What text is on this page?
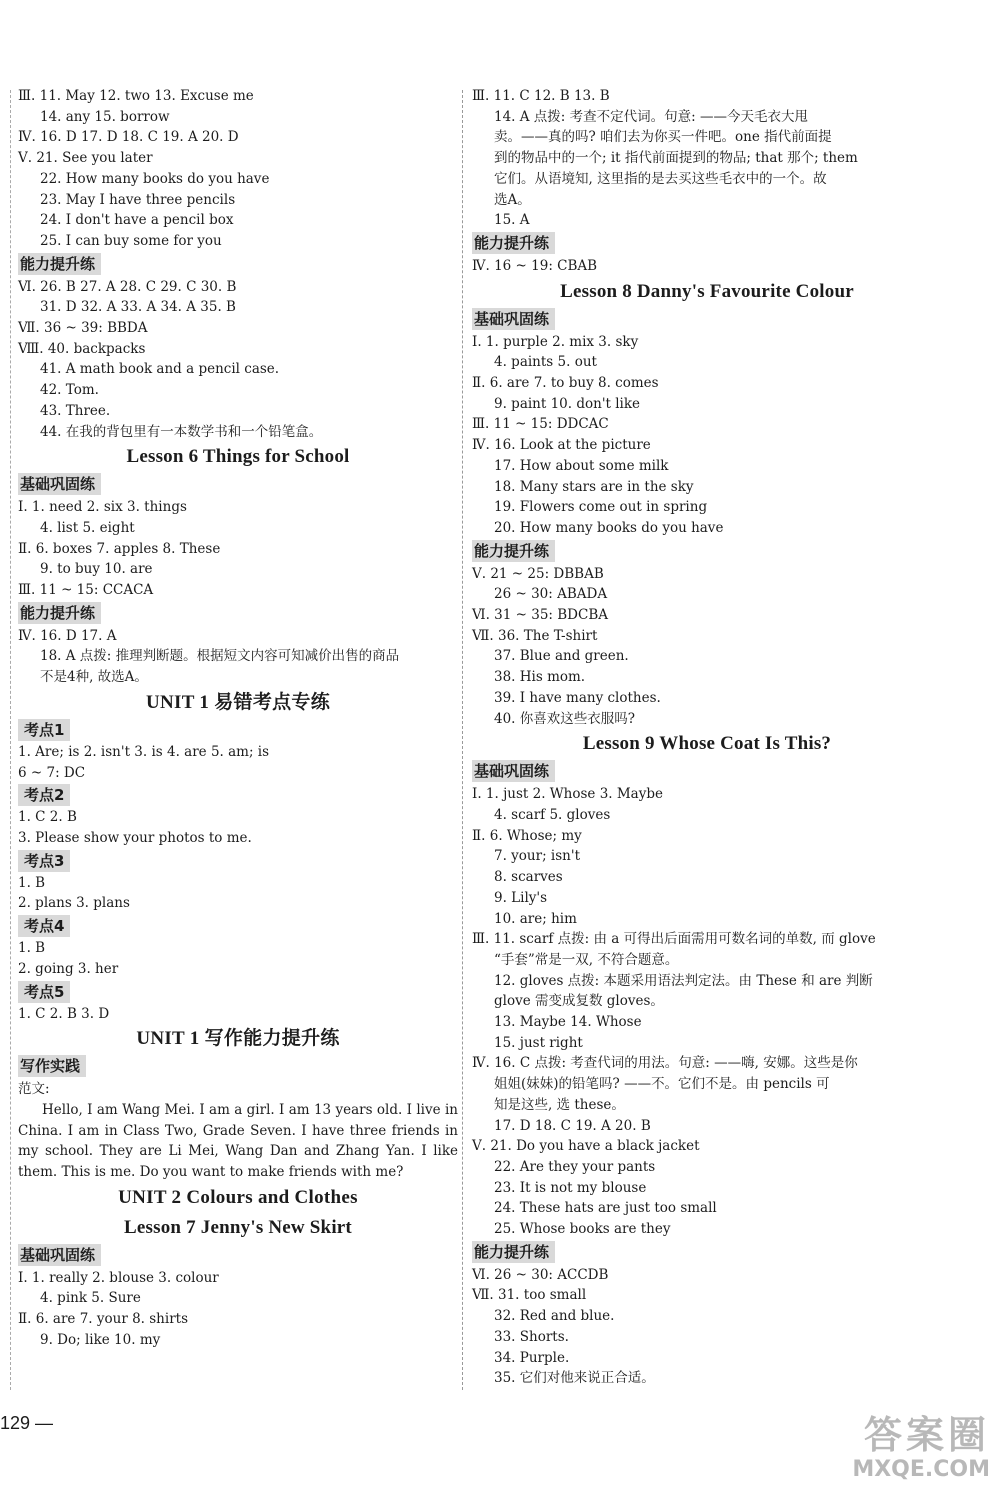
Ⅲ. 11. May 12. two 13. Excuse me
14. any 15. borrow
Ⅳ. 16. D 17. D 18. C 19. A 20. D
Ⅴ. 21. See you later
22. How many books do you have
23. May I have three pencils
24. I don't have a pencil box
25. I can buy some for you
能力提升练
Ⅵ. 26. B 27. A 28. C 29. C 30. B
31. D 32. A 33. A 34. A 35. B
Ⅶ. 36 ~ 39: BBDA
Ⅷ. 40. backpacks
41. A math book and a pencil case.
42. Tom.
43. Three.
44. 在我的背包里有一本数学书和一个铅笔盒。
Lesson 6 Things for School
基础巩固练
Ⅰ. 1. need 2. six 3. things
4. list 5. eight
Ⅱ. 6. boxes 7. apples 8. These
9. to buy 10. are
Ⅲ. 11 ~ 15: CCACA
能力提升练
Ⅳ. 16. D 17. A
18. A 点拨: 推理判断题。根据短文内容可知减价出售的商品
不是4种, 故选A。
UNIT 1 易错考点专练
考点1
1. Are; is 2. isn't 3. is 4. are 5. am; is
6 ~ 7: DC
考点2
1. C 2. B
3. Please show your photos to me.
考点3
1. B
2. plans 3. plans
考点4
1. B
2. going 3. her
考点5
1. C 2. B 3. D
UNIT 1 写作能力提升练
写作实践
范文:
Hello, I am Wang Mei. I am a girl. I am 13 years old. I live in China. I am in Class Two, Grade Seven. I have three friends in my school. They are Li Mei, Wang Dan and Zhang Yan. I like them. This is me. Do you want to make friends with me?
UNIT 2 Colours and Clothes
Lesson 7 Jenny's New Skirt
基础巩固练
Ⅰ. 1. really 2. blouse 3. colour
4. pink 5. Sure
Ⅱ. 6. are 7. your 8. shirts
9. Do; like 10. my
Ⅲ. 11. C 12. B 13. B
14. A 点拨: 考查不定代词。句意: ——今天毛衣大甩
卖。——真的吗? 咱们去为你买一件吧。one 指代前面提
到的物品中的一个; it 指代前面提到的物品; that 那个; them
它们。从语境知, 这里指的是去买这些毛衣中的一个。故
选A。
15. A
能力提升练
Ⅳ. 16 ~ 19: CBAB
Lesson 8 Danny's Favourite Colour
基础巩固练
Ⅰ. 1. purple 2. mix 3. sky
4. paints 5. out
Ⅱ. 6. are 7. to buy 8. comes
9. paint 10. don't like
Ⅲ. 11 ~ 15: DDCAC
Ⅳ. 16. Look at the picture
17. How about some milk
18. Many stars are in the sky
19. Flowers come out in spring
20. How many books do you have
能力提升练
Ⅴ. 21 ~ 25: DBBAB
26 ~ 30: ABADA
Ⅵ. 31 ~ 35: BDCBA
Ⅶ. 36. The T-shirt
37. Blue and green.
38. His mom.
39. I have many clothes.
40. 你喜欢这些衣服吗?
Lesson 9 Whose Coat Is This?
基础巩固练
Ⅰ. 1. just 2. Whose 3. Maybe
4. scarf 5. gloves
Ⅱ. 6. Whose; my
7. your; isn't
8. scarves
9. Lily's
10. are; him
Ⅲ. 11. scarf 点拨: 由 a 可得出后面需用可数名词的单数, 而 glove
“手套”常是一双, 不符合题意。
12. gloves 点拨: 本题采用语法判定法。由 These 和 are 判断
glove 需变成复数 gloves。
13. Maybe 14. Whose
15. just right
Ⅳ. 16. C 点拨: 考查代词的用法。句意: ——嗨, 安娜。这些是你
姐姐(妹妹)的铅笔吗? ——不。它们不是。由 pencils 可
知是这些, 选 these。
17. D 18. C 19. A 20. B
Ⅴ. 21. Do you have a black jacket
22. Are they your pants
23. It is not my blouse
24. These hats are just too small
25. Whose books are they
能力提升练
Ⅵ. 26 ~ 30: ACCDB
Ⅶ. 31. too small
32. Red and blue.
33. Shorts.
34. Purple.
35. 它们对他来说正合适。
129 —	答案圈
MXQE.COM
